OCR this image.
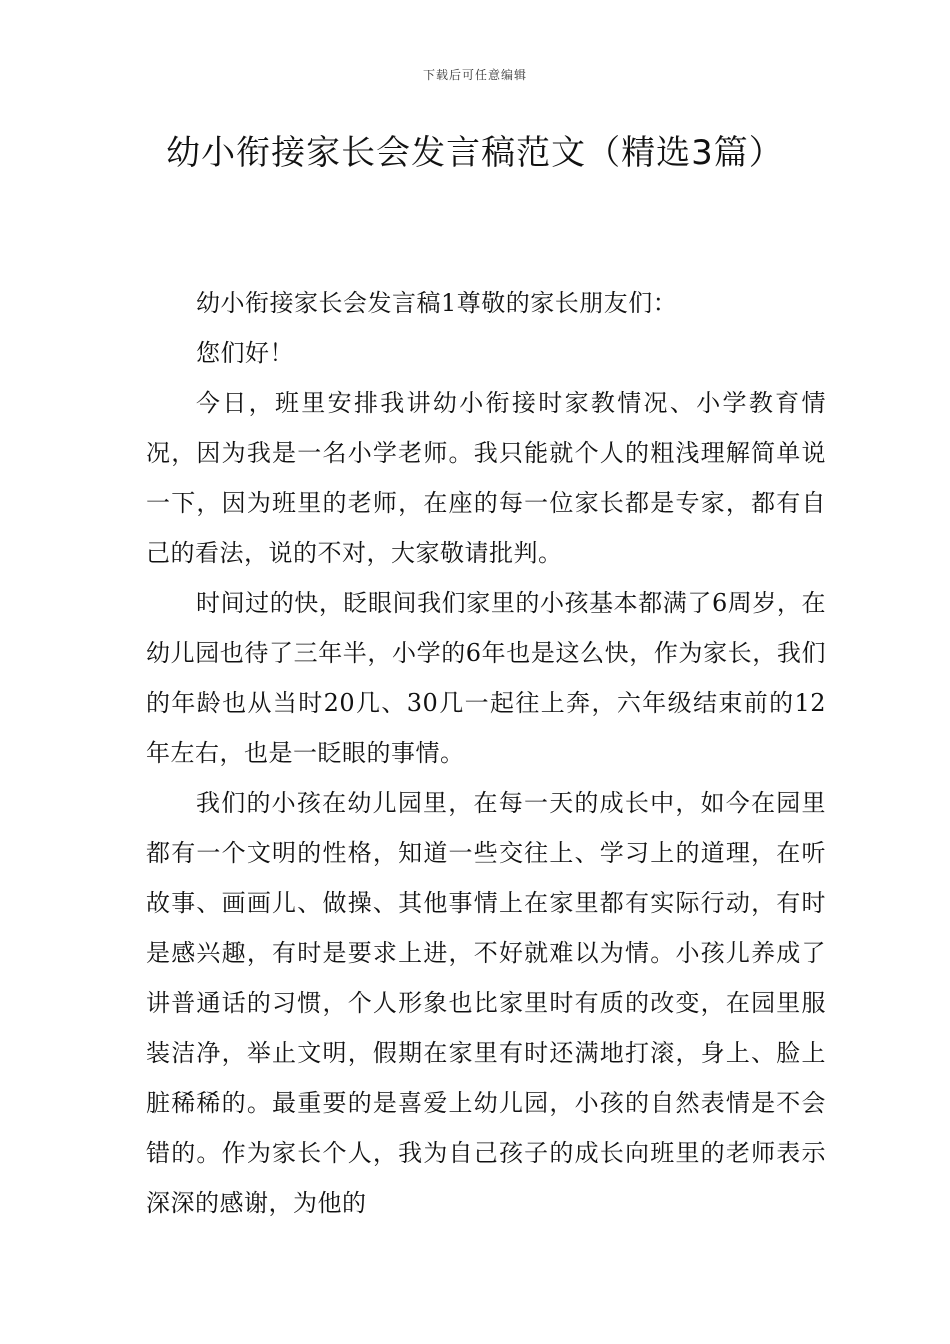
下载后可任意编辑
幼小衔接家长会发言稿范文（精选3篇）

幼小衔接家长会发言稿1尊敬的家长朋友们：

您们好！

今日，班里安排我讲幼小衔接时家教情况、小学教育情况，因为我是一名小学老师。我只能就个人的粗浅理解简单说一下，因为班里的老师，在座的每一位家长都是专家，都有自己的看法，说的不对，大家敬请批判。

时间过的快，眨眼间我们家里的小孩基本都满了6周岁，在幼儿园也待了三年半，小学的6年也是这么快，作为家长，我们的年龄也从当时20几、30几一起往上奔，六年级结束前的12年左右，也是一眨眼的事情。

我们的小孩在幼儿园里，在每一天的成长中，如今在园里都有一个文明的性格，知道一些交往上、学习上的道理，在听故事、画画儿、做操、其他事情上在家里都有实际行动，有时是感兴趣，有时是要求上进，不好就难以为情。小孩儿养成了讲普通话的习惯，个人形象也比家里时有质的改变，在园里服装洁净，举止文明，假期在家里有时还满地打滚，身上、脸上脏稀稀的。最重要的是喜爱上幼儿园，小孩的自然表情是不会错的。作为家长个人，我为自己孩子的成长向班里的老师表示深深的感谢，为他的
